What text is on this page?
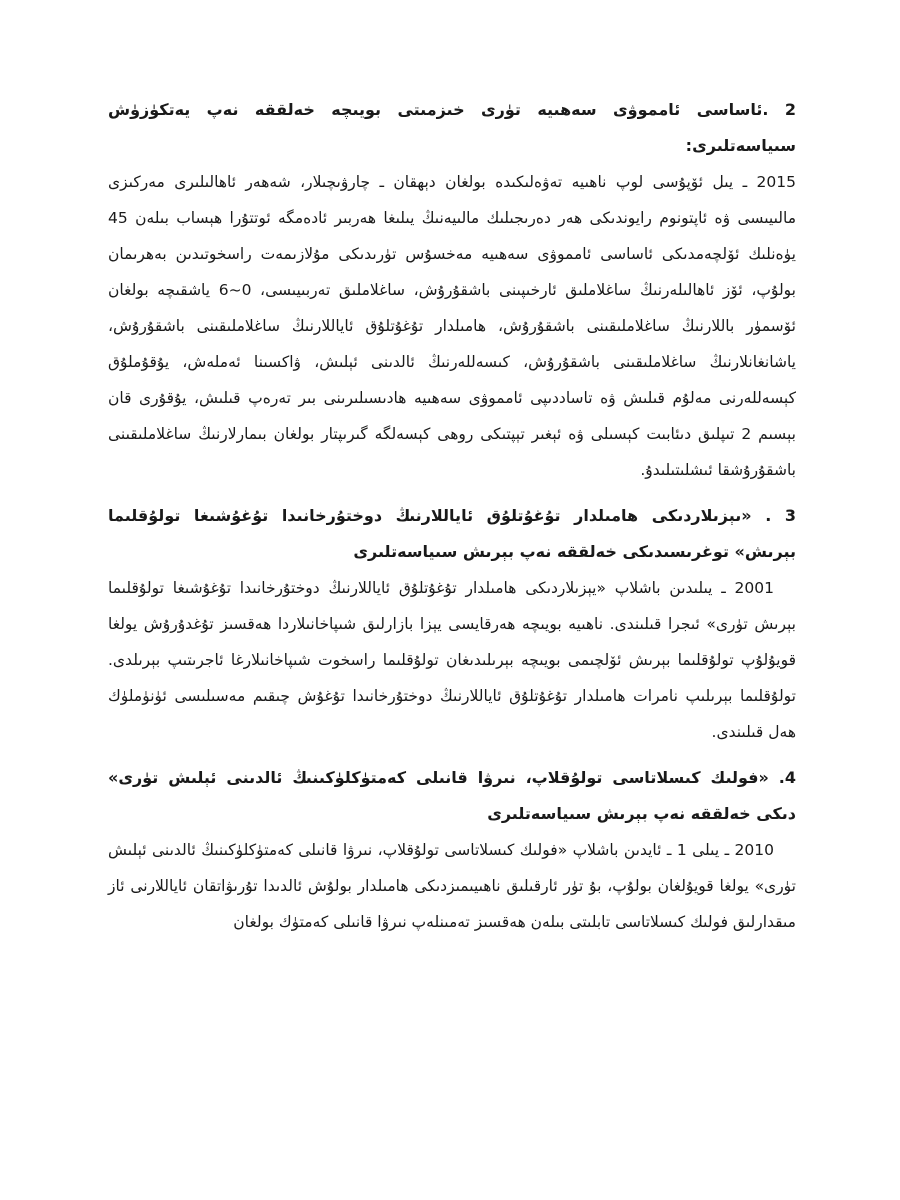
2 .ئاساسى ئامموۋى سەھىيە تۈرى خىزمىتى بويىچە خەلققە نەپ يەتكۈزۈش سىياسەتلىرى:

2015 ـ يىل ئۆپۇسى لوپ ناھىيە تەۋەلىكىدە بولغان دېھقان ـ چارۋىچىلار، شەھەر ئاھالىلىرى مەركىزى مالىيىسى ۋە ئاپتونوم رايوندىكى ھەر دەرىجىلىك مالىيەنىڭ يىلىغا ھەربىر ئادەمگە ئوتتۇرا ھېساب بىلەن 45 يۈەنلىك ئۆلچەمدىكى ئاساسى ئامموۋى سەھىيە مەخسۇس تۈرىدىكى مۇلازىمەت راسخوتىدىن بەھرىمان بولۇپ، ئۆز ئاھالىلەرنىڭ ساغلاملىق ئارخىپىنى باشقۇرۇش، ساغلاملىق تەربىيىسى، 0~6 ياشقىچە بولغان ئۆسمۈر باللارنىڭ ساغلاملىقىنى باشقۇرۇش، ھامىلدار تۇغۇتلۇق ئاياللارنىڭ ساغلاملىقىنى باشقۇرۇش، ياشانغانلارنىڭ ساغلاملىقىنى باشقۇرۇش، كىسەللەرنىڭ ئالدىنى ئېلىش، ۋاكسىنا ئەملەش، يۇقۇملۇق كېسەللەرنى مەلۇم قىلىش ۋە تاساددىپى ئامموۋى سەھىيە ھادىسىلىرىنى بىر تەرەپ قىلىش، يۇقۇرى قان بېسىم 2 تىپلىق دىئابىت كېسىلى ۋە ئېغىر تېپتىكى روھى كېسەلگە گىرىپتار بولغان بىمارلارنىڭ ساغلاملىقىنى باشقۇرۇشقا ئىشلىتىلىدۇ.

3 . «ىېزىلاردىكى ھامىلدار تۇغۇتلۇق ئاياللارنىڭ دوختۇرخانىدا تۇغۇشىغا تولۇقلىما بېرىش» توغرىسىدىكى خەلققە نەپ بېرىش سىياسەتلىرى

2001 ـ يىلىدىن باشلاپ «يېزىلاردىكى ھامىلدار تۇغۇتلۇق ئاياللارنىڭ دوختۇرخانىدا تۇغۇشىغا تولۇقلىما بېرىش تۈرى» ئىجرا قىلىندى. ناھىيە بويىچە ھەرقايسى يېزا بازارلىق شىپاخانىلاردا ھەقسىز تۇغدۇرۇش يولغا قويۇلۇپ تولۇقلىما بېرىش ئۆلچىمى بويىچە بېرىلىدىغان تولۇقلىما راسخوت شىپاخانىلارغا ئاجرىتىپ بېرىلدى. تولۇقلىما بېرىلىپ نامرات ھامىلدار تۇغۇتلۇق ئاياللارنىڭ دوختۇرخانىدا تۇغۇش چىقىم مەسىلىسى ئۈنۈملۈك ھەل قىلىندى.

4. «فولىك كىسلاتاسى تولۇقلاپ، نىرۋا قانىلى كەمتۈكلۈكىنىڭ ئالدىنى ئېلىش تۈرى» دىكى خەلققە نەپ بېرىش سىياسەتلىرى

2010 ـ يىلى 1 ـ ئايدىن باشلاپ «فولىك كىسلاتاسى تولۇقلاپ، نىرۋا قانىلى كەمتۈكلۈكىنىڭ ئالدىنى ئېلىش تۈرى» يولغا قويۇلغان بولۇپ، بۇ تۈر ئارقىلىق ناھىيىمىزدىكى ھامىلدار بولۇش ئالدىدا تۇرىۋاتقان ئاياللارنى ئاز مىقدارلىق فولىك كىسلاتاسى تابلىتى بىلەن ھەقسىز تەمىنلەپ نىرۋا قانىلى كەمتۈك بولغان
